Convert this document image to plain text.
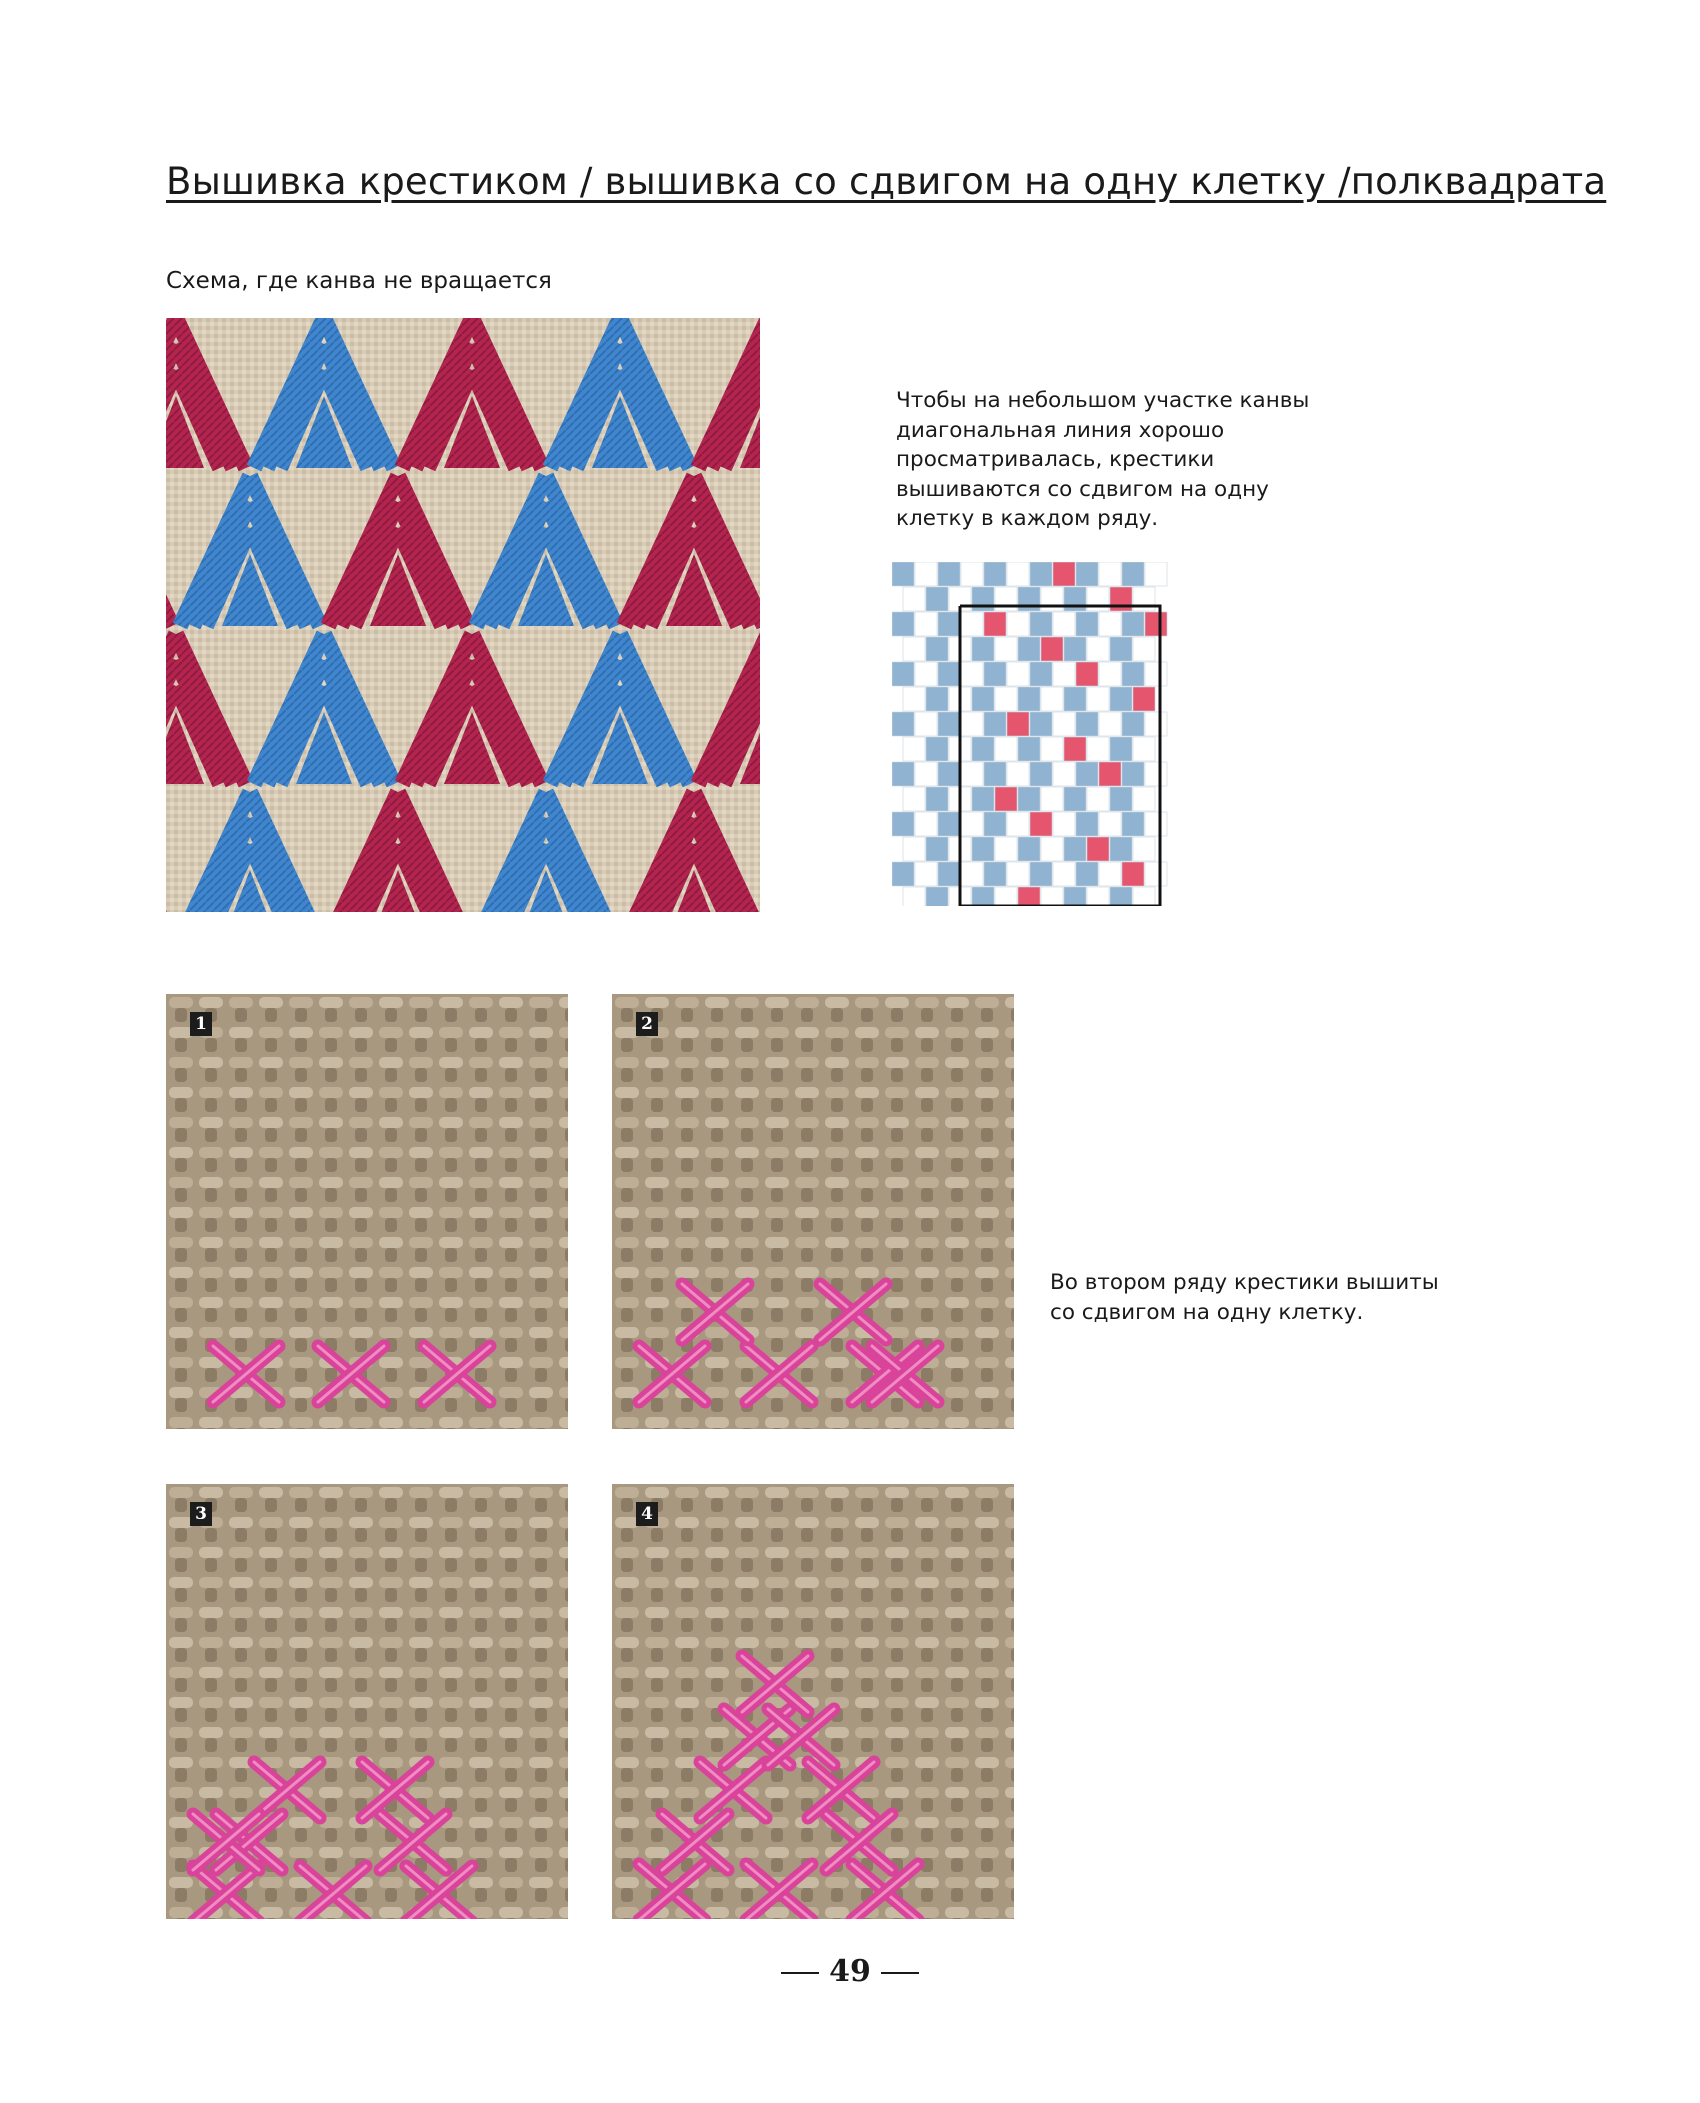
Вышивка крестиком / вышивка со сдвигом на одну клетку /полквадрата
Схема, где канва не вращается
Чтобы на небольшом участке канвы диагональная линия хорошо просматривалась, крестики вышиваются со сдвигом на одну клетку в каждом ряду.
1	2
3	4
Во втором ряду крестики вышиты со сдвигом на одну клетку.
49
